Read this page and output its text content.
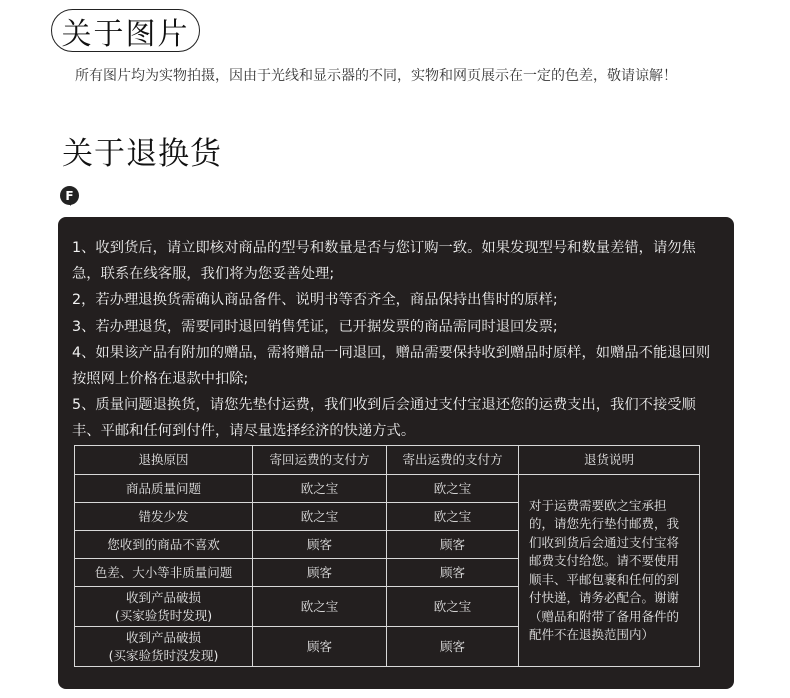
关于图片
所有图片均为实物拍摄，因由于光线和显示器的不同，实物和网页展示在一定的色差，敬请谅解！
关于退换货
F

1、收到货后，请立即核对商品的型号和数量是否与您订购一致。如果发现型号和数量差错，请勿焦急，联系在线客服，我们将为您妥善处理;

2，若办理退换货需确认商品备件、说明书等否齐全，商品保持出售时的原样;

3、若办理退货，需要同时退回销售凭证，已开据发票的商品需同时退回发票;

4、如果该产品有附加的赠品，需将赠品一同退回，赠品需要保持收到赠品时原样，如赠品不能退回则按照网上价格在退款中扣除;

5、质量问题退换货，请您先垫付运费，我们收到后会通过支付宝退还您的运费支出，我们不接受顺丰、平邮和任何到付件，请尽量选择经济的快递方式。

退换原因	寄回运费的支付方	寄出运费的支付方	退货说明
商品质量问题	欧之宝	欧之宝	对于运费需要欧之宝承担的，请您先行垫付邮费，我们收到货后会通过支付宝将邮费支付给您。请不要使用顺丰、平邮包裹和任何的到付快递，请务必配合。谢谢（赠品和附带了备用备件的配件不在退换范围内）
错发少发	欧之宝	欧之宝	
您收到的商品不喜欢	顾客	顾客	
色差、大小等非质量问题	顾客	顾客	
收到产品破损
(买家验货时发现)	欧之宝	欧之宝	
收到产品破损
(买家验货时没发现)	顾客	顾客	
